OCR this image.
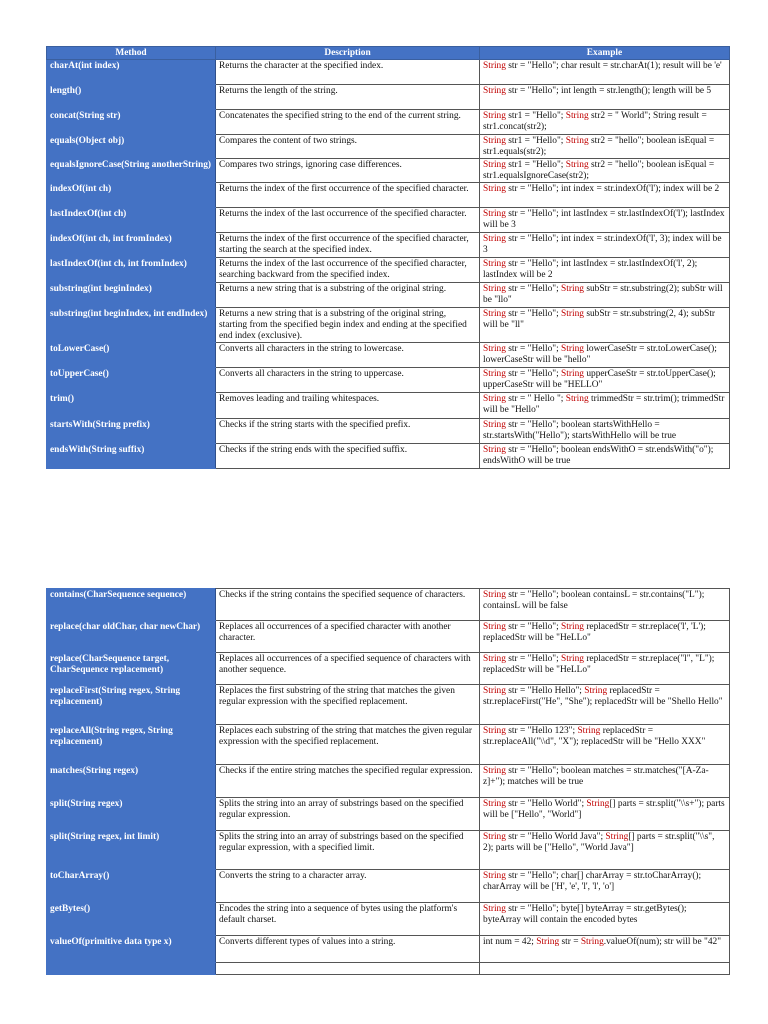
Method	Description	Example
charAt(int index)	Returns the character at the specified index.	String str = "Hello"; char result = str.charAt(1); result will be 'e'
length()	Returns the length of the string.	String str = "Hello"; int length = str.length(); length will be 5
concat(String str)	Concatenates the specified string to the end of the current string.	String str1 = "Hello"; String str2 = " World"; String result = str1.concat(str2);
equals(Object obj)	Compares the content of two strings.	String str1 = "Hello"; String str2 = "hello"; boolean isEqual = str1.equals(str2);
equalsIgnoreCase(String anotherString)	Compares two strings, ignoring case differences.	String str1 = "Hello"; String str2 = "hello"; boolean isEqual = str1.equalsIgnoreCase(str2);
indexOf(int ch)	Returns the index of the first occurrence of the specified character.	String str = "Hello"; int index = str.indexOf('l'); index will be 2
lastIndexOf(int ch)	Returns the index of the last occurrence of the specified character.	String str = "Hello"; int lastIndex = str.lastIndexOf('l'); lastIndex will be 3
indexOf(int ch, int fromIndex)	Returns the index of the first occurrence of the specified character, starting the search at the specified index.	String str = "Hello"; int index = str.indexOf('l', 3); index will be 3
lastIndexOf(int ch, int fromIndex)	Returns the index of the last occurrence of the specified character, searching backward from the specified index.	String str = "Hello"; int lastIndex = str.lastIndexOf('l', 2); lastIndex will be 2
substring(int beginIndex)	Returns a new string that is a substring of the original string.	String str = "Hello"; String subStr = str.substring(2); subStr will be "llo"
substring(int beginIndex, int endIndex)	Returns a new string that is a substring of the original string, starting from the specified begin index and ending at the specified end index (exclusive).	String str = "Hello"; String subStr = str.substring(2, 4); subStr will be "ll"
toLowerCase()	Converts all characters in the string to lowercase.	String str = "Hello"; String lowerCaseStr = str.toLowerCase(); lowerCaseStr will be "hello"
toUpperCase()	Converts all characters in the string to uppercase.	String str = "Hello"; String upperCaseStr = str.toUpperCase(); upperCaseStr will be "HELLO"
trim()	Removes leading and trailing whitespaces.	String str = " Hello "; String trimmedStr = str.trim(); trimmedStr will be "Hello"
startsWith(String prefix)	Checks if the string starts with the specified prefix.	String str = "Hello"; boolean startsWithHello = str.startsWith("Hello"); startsWithHello will be true
endsWith(String suffix)	Checks if the string ends with the specified suffix.	String str = "Hello"; boolean endsWithO = str.endsWith("o"); endsWithO will be true
contains(CharSequence sequence)	Checks if the string contains the specified sequence of characters.	String str = "Hello"; boolean containsL = str.contains("L"); containsL will be false
replace(char oldChar, char newChar)	Replaces all occurrences of a specified character with another character.	String str = "Hello"; String replacedStr = str.replace('l', 'L'); replacedStr will be "HeLLo"
replace(CharSequence target, CharSequence replacement)	Replaces all occurrences of a specified sequence of characters with another sequence.	String str = "Hello"; String replacedStr = str.replace("l", "L"); replacedStr will be "HeLLo"
replaceFirst(String regex, String replacement)	Replaces the first substring of the string that matches the given regular expression with the specified replacement.	String str = "Hello Hello"; String replacedStr = str.replaceFirst("He", "She"); replacedStr will be "Shello Hello"
replaceAll(String regex, String replacement)	Replaces each substring of the string that matches the given regular expression with the specified replacement.	String str = "Hello 123"; String replacedStr = str.replaceAll("\\d", "X"); replacedStr will be "Hello XXX"
matches(String regex)	Checks if the entire string matches the specified regular expression.	String str = "Hello"; boolean matches = str.matches("[A-Za-z]+"); matches will be true
split(String regex)	Splits the string into an array of substrings based on the specified regular expression.	String str = "Hello World"; String[] parts = str.split("\\s+"); parts will be ["Hello", "World"]
split(String regex, int limit)	Splits the string into an array of substrings based on the specified regular expression, with a specified limit.	String str = "Hello World Java"; String[] parts = str.split("\\s", 2); parts will be ["Hello", "World Java"]
toCharArray()	Converts the string to a character array.	String str = "Hello"; char[] charArray = str.toCharArray(); charArray will be ['H', 'e', 'l', 'l', 'o']
getBytes()	Encodes the string into a sequence of bytes using the platform's default charset.	String str = "Hello"; byte[] byteArray = str.getBytes(); byteArray will contain the encoded bytes
valueOf(primitive data type x)	Converts different types of values into a string.	int num = 42; String str = String.valueOf(num); str will be "42"
